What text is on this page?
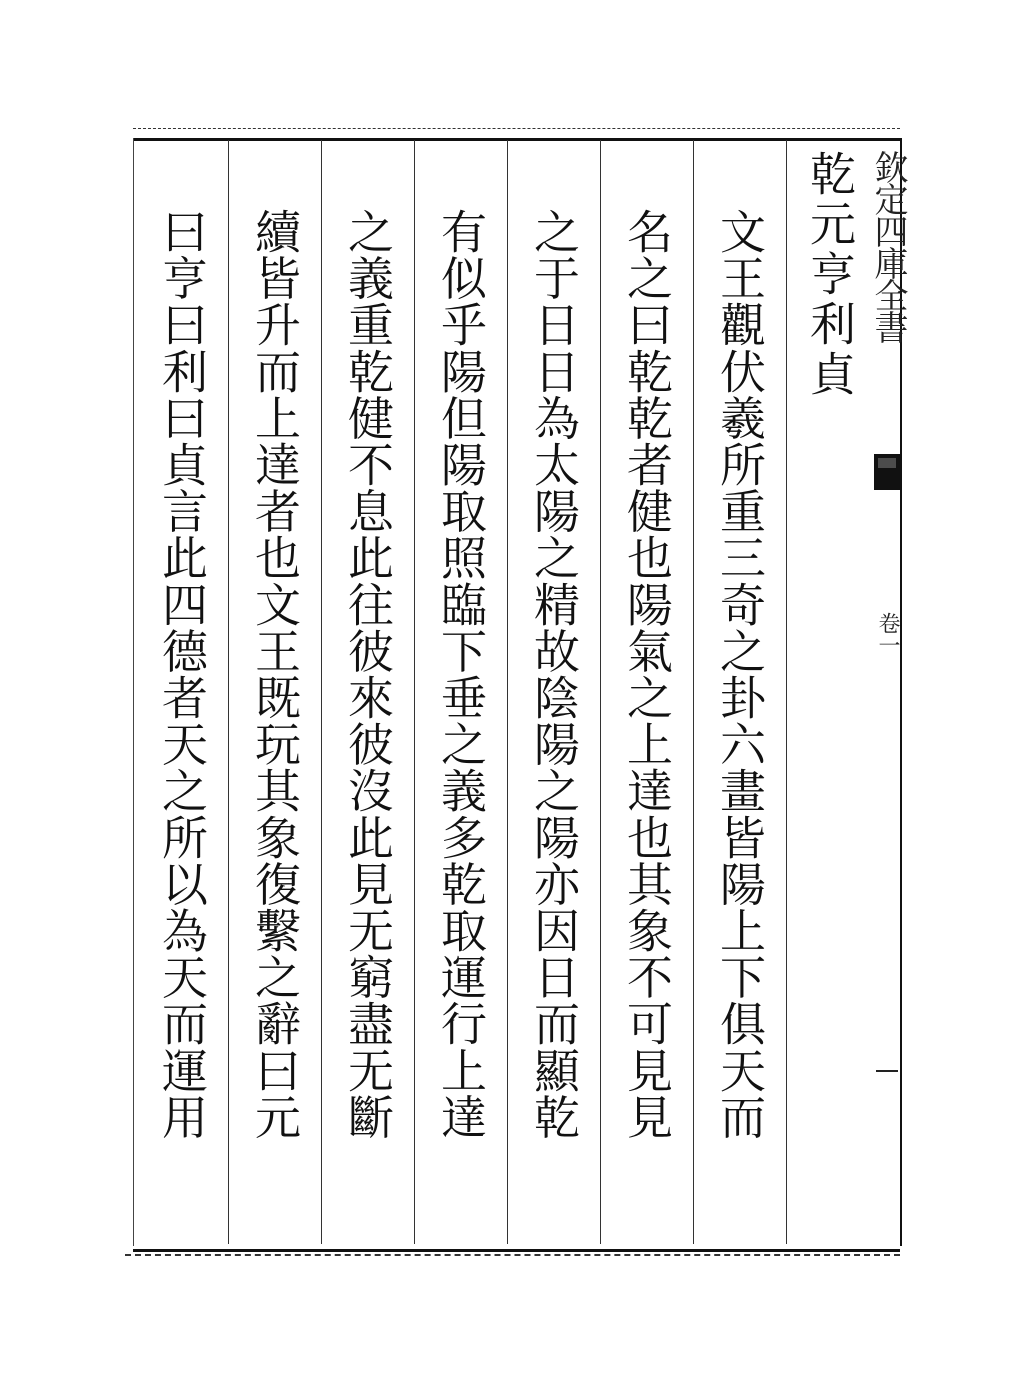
乾元亨利貞
文王觀伏羲所重三奇之卦六畫皆陽上下俱天而
名之曰乾乾者健也陽氣之上達也其象不可見見
之于日日為太陽之精故陰陽之陽亦因日而顯乾
有似乎陽但陽取照臨下垂之義多乾取運行上達
之義重乾健不息此往彼來彼沒此見无窮盡无斷
續皆升而上達者也文王既玩其象復繫之辭曰元
曰亨曰利曰貞言此四德者天之所以為天而運用	欽定四庫全書
卷一
